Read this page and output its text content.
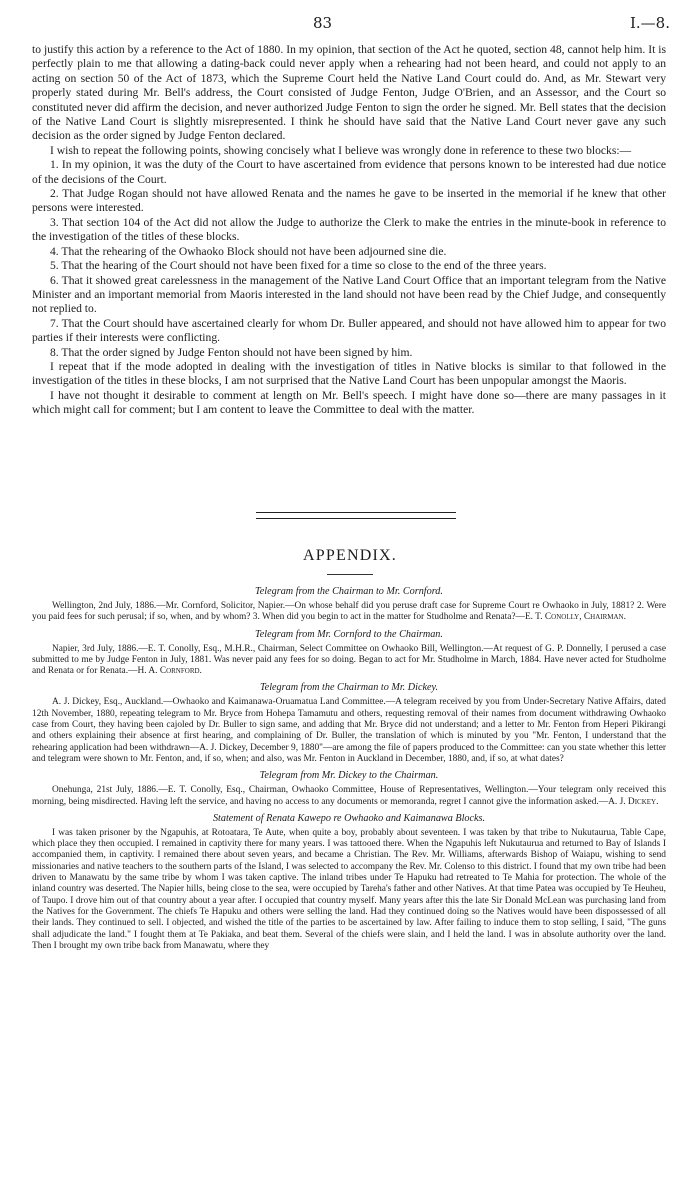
83	I.—8.

to justify this action by a reference to the Act of 1880. In my opinion, that section of the Act he quoted, section 48, cannot help him. It is perfectly plain to me that allowing a dating-back could never apply when a rehearing had not been heard, and could not apply to an acting on section 50 of the Act of 1873, which the Supreme Court held the Native Land Court could do. And, as Mr. Stewart very properly stated during Mr. Bell's address, the Court consisted of Judge Fenton, Judge O'Brien, and an Assessor, and the Court so constituted never did affirm the decision, and never authorized Judge Fenton to sign the order he signed. Mr. Bell states that the decision of the Native Land Court is slightly misrepresented. I think he should have said that the Native Land Court never gave any such decision as the order signed by Judge Fenton declared.

I wish to repeat the following points, showing concisely what I believe was wrongly done in reference to these two blocks:—

1. In my opinion, it was the duty of the Court to have ascertained from evidence that persons known to be interested had due notice of the decisions of the Court.

2. That Judge Rogan should not have allowed Renata and the names he gave to be inserted in the memorial if he knew that other persons were interested.

3. That section 104 of the Act did not allow the Judge to authorize the Clerk to make the entries in the minute-book in reference to the investigation of the titles of these blocks.

4. That the rehearing of the Owhaoko Block should not have been adjourned sine die.

5. That the hearing of the Court should not have been fixed for a time so close to the end of the three years.

6. That it showed great carelessness in the management of the Native Land Court Office that an important telegram from the Native Minister and an important memorial from Maoris interested in the land should not have been read by the Chief Judge, and consequently not replied to.

7. That the Court should have ascertained clearly for whom Dr. Buller appeared, and should not have allowed him to appear for two parties if their interests were conflicting.

8. That the order signed by Judge Fenton should not have been signed by him.

I repeat that if the mode adopted in dealing with the investigation of titles in Native blocks is similar to that followed in the investigation of the titles in these blocks, I am not surprised that the Native Land Court has been unpopular amongst the Maoris.

I have not thought it desirable to comment at length on Mr. Bell's speech. I might have done so—there are many passages in it which might call for comment; but I am content to leave the Committee to deal with the matter.

APPENDIX.
Telegram from the Chairman to Mr. Cornford.

Wellington, 2nd July, 1886.—Mr. Cornford, Solicitor, Napier.—On whose behalf did you peruse draft case for Supreme Court re Owhaoko in July, 1881? 2. Were you paid fees for such perusal; if so, when, and by whom? 3. When did you begin to act in the matter for Studholme and Renata?—E. T. Conolly, Chairman.

Telegram from Mr. Cornford to the Chairman.

Napier, 3rd July, 1886.—E. T. Conolly, Esq., M.H.R., Chairman, Select Committee on Owhaoko Bill, Wellington.—At request of G. P. Donnelly, I perused a case submitted to me by Judge Fenton in July, 1881. Was never paid any fees for so doing. Began to act for Mr. Studholme in March, 1884. Have never acted for Studholme and Renata or for Renata.—H. A. Cornford.

Telegram from the Chairman to Mr. Dickey.

A. J. Dickey, Esq., Auckland.—Owhaoko and Kaimanawa-Oruamatua Land Committee.—A telegram received by you from Under-Secretary Native Affairs, dated 12th November, 1880, repeating telegram to Mr. Bryce from Hohepa Tamamutu and others, requesting removal of their names from document withdrawing Owhaoko case from Court, they having been cajoled by Dr. Buller to sign same, and adding that Mr. Bryce did not understand; and a letter to Mr. Fenton from Heperi Pikirangi and others explaining their absence at first hearing, and complaining of Dr. Buller, the translation of which is minuted by you "Mr. Fenton, I understand that the rehearing application had been withdrawn—A. J. Dickey, December 9, 1880"—are among the file of papers produced to the Committee: can you state whether this letter and telegram were shown to Mr. Fenton, and, if so, when; and also, was Mr. Fenton in Auckland in December, 1880, and, if so, at what dates?

Telegram from Mr. Dickey to the Chairman.

Onehunga, 21st July, 1886.—E. T. Conolly, Esq., Chairman, Owhaoko Committee, House of Representatives, Wellington.—Your telegram only received this morning, being misdirected. Having left the service, and having no access to any documents or memoranda, regret I cannot give the information asked.—A. J. Dickey.

Statement of Renata Kawepo re Owhaoko and Kaimanawa Blocks.

I was taken prisoner by the Ngapuhis, at Rotoatara, Te Aute, when quite a boy, probably about seventeen. I was taken by that tribe to Nukutaurua, Table Cape, which place they then occupied. I remained in captivity there for many years. I was tattooed there. When the Ngapuhis left Nukutaurua and returned to Bay of Islands I accompanied them, in captivity. I remained there about seven years, and became a Christian. The Rev. Mr. Williams, afterwards Bishop of Waiapu, wishing to send missionaries and native teachers to the southern parts of the Island, I was selected to accompany the Rev. Mr. Colenso to this district. I found that my own tribe had been driven to Manawatu by the same tribe by whom I was taken captive. The inland tribes under Te Hapuku had retreated to Te Mahia for protection. The whole of the inland country was deserted. The Napier hills, being close to the sea, were occupied by Tareha's father and other Natives. At that time Patea was occupied by Te Heuheu, of Taupo. I drove him out of that country about a year after. I occupied that country myself. Many years after this the late Sir Donald McLean was purchasing land from the Natives for the Government. The chiefs Te Hapuku and others were selling the land. Had they continued doing so the Natives would have been dispossessed of all their lands. They continued to sell. I objected, and wished the title of the parties to be ascertained by law. After failing to induce them to stop selling, I said, "The guns shall adjudicate the land." I fought them at Te Pakiaka, and beat them. Several of the chiefs were slain, and I held the land. I was in absolute authority over the land. Then I brought my own tribe back from Manawatu, where they
